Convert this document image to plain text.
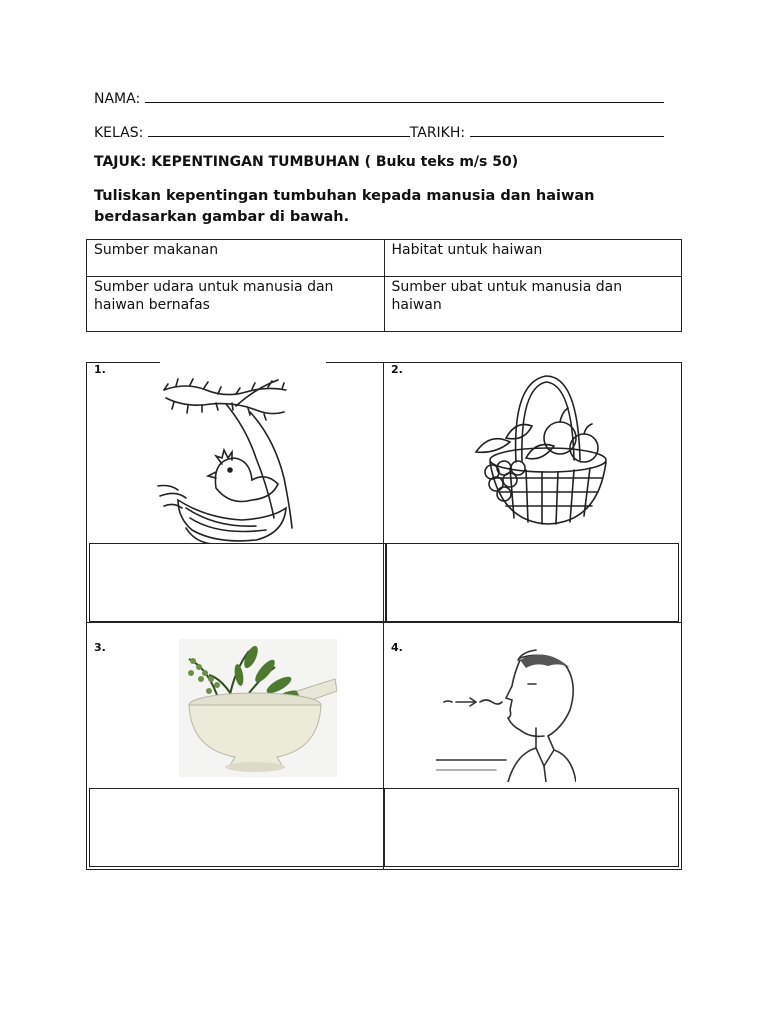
NAMA:
KELAS:	TARIKH:
TAJUK: KEPENTINGAN TUMBUHAN ( Buku teks m/s 50)
Tuliskan kepentingan tumbuhan kepada manusia dan haiwan berdasarkan gambar di bawah.
Sumber makanan	Habitat untuk haiwan
Sumber udara untuk manusia dan haiwan bernafas	Sumber ubat untuk manusia dan haiwan
1.	2.
3.	4.
